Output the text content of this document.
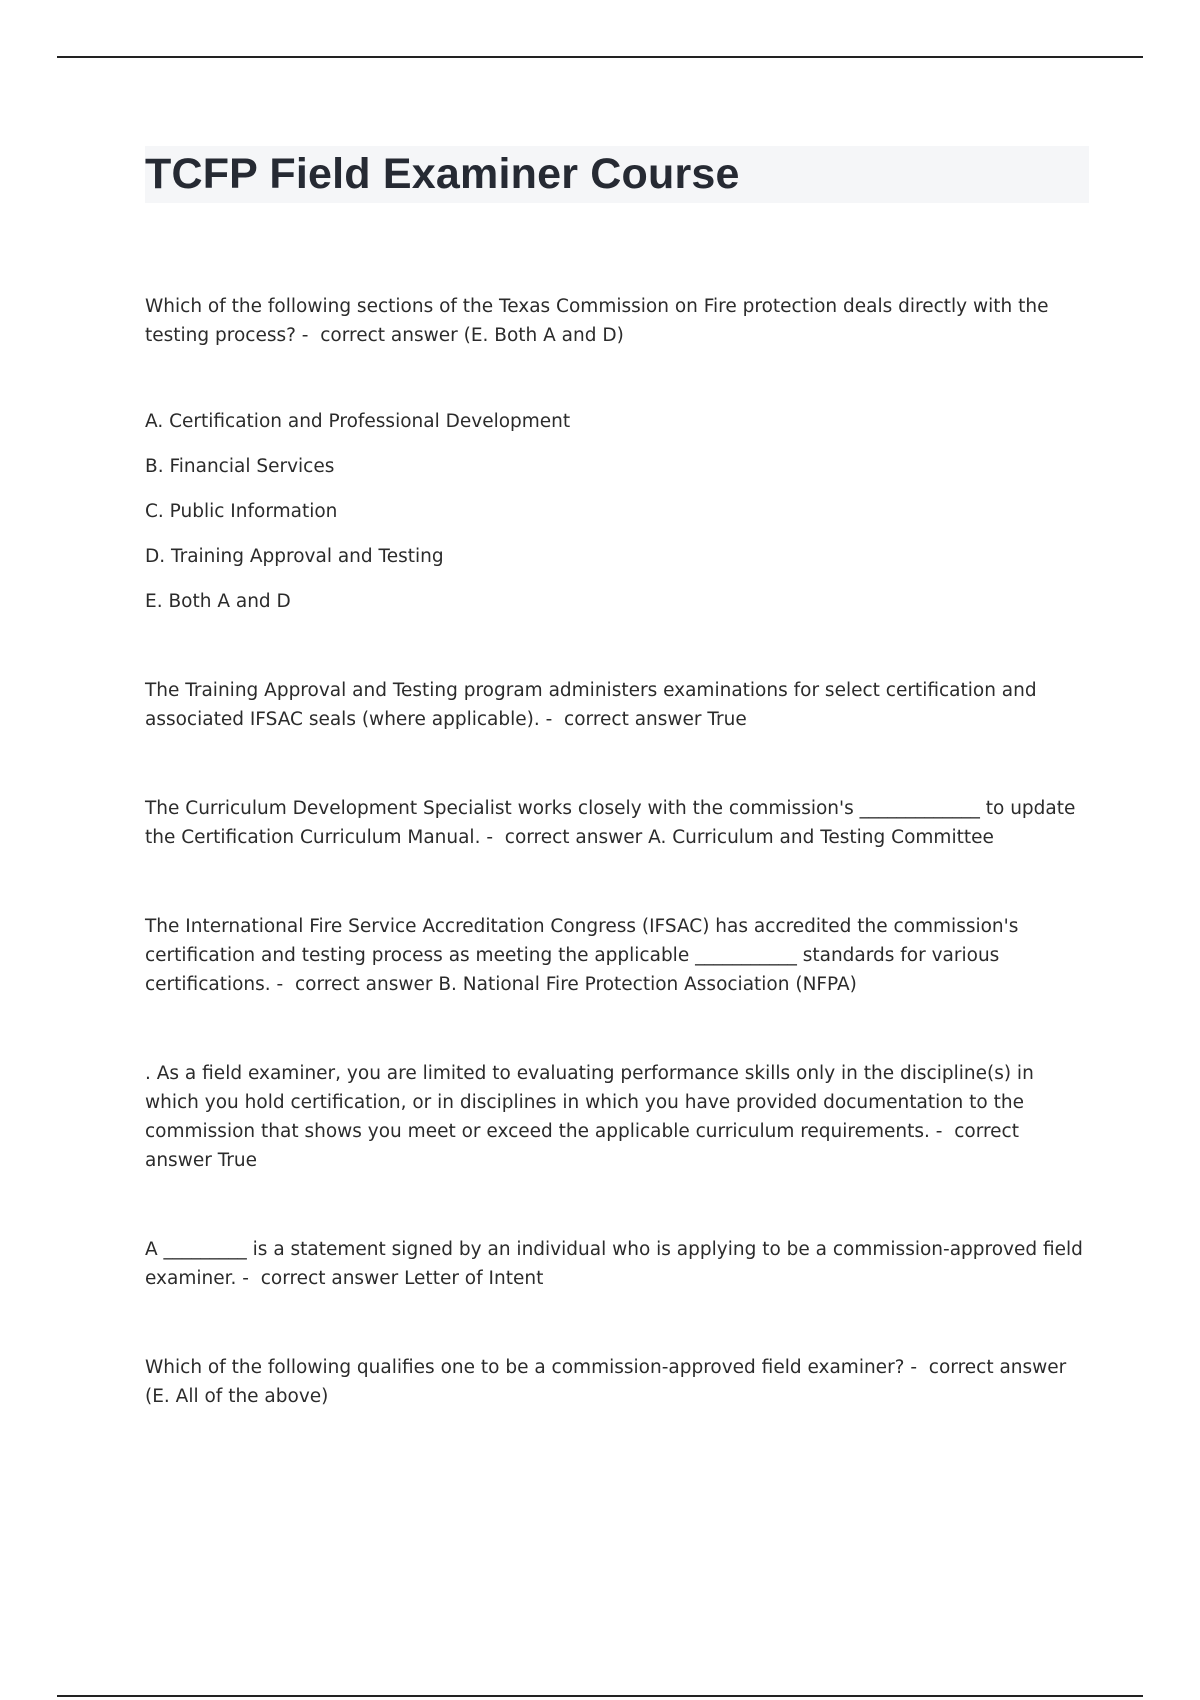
TCFP Field Examiner Course

Which of the following sections of the Texas Commission on Fire protection deals directly with the testing process? -  correct answer (E. Both A and D)

A. Certification and Professional Development
B. Financial Services
C. Public Information
D. Training Approval and Testing
E. Both A and D

The Training Approval and Testing program administers examinations for select certification and associated IFSAC seals (where applicable). -  correct answer True

The Curriculum Development Specialist works closely with the commission's _____________ to update the Certification Curriculum Manual. -  correct answer A. Curriculum and Testing Committee

The International Fire Service Accreditation Congress (IFSAC) has accredited the commission's certification and testing process as meeting the applicable ___________ standards for various certifications. -  correct answer B. National Fire Protection Association (NFPA)

. As a field examiner, you are limited to evaluating performance skills only in the discipline(s) in which you hold certification, or in disciplines in which you have provided documentation to the commission that shows you meet or exceed the applicable curriculum requirements. -  correct answer True

A _________ is a statement signed by an individual who is applying to be a commission-approved field examiner. -  correct answer Letter of Intent

Which of the following qualifies one to be a commission-approved field examiner? -  correct answer (E. All of the above)
